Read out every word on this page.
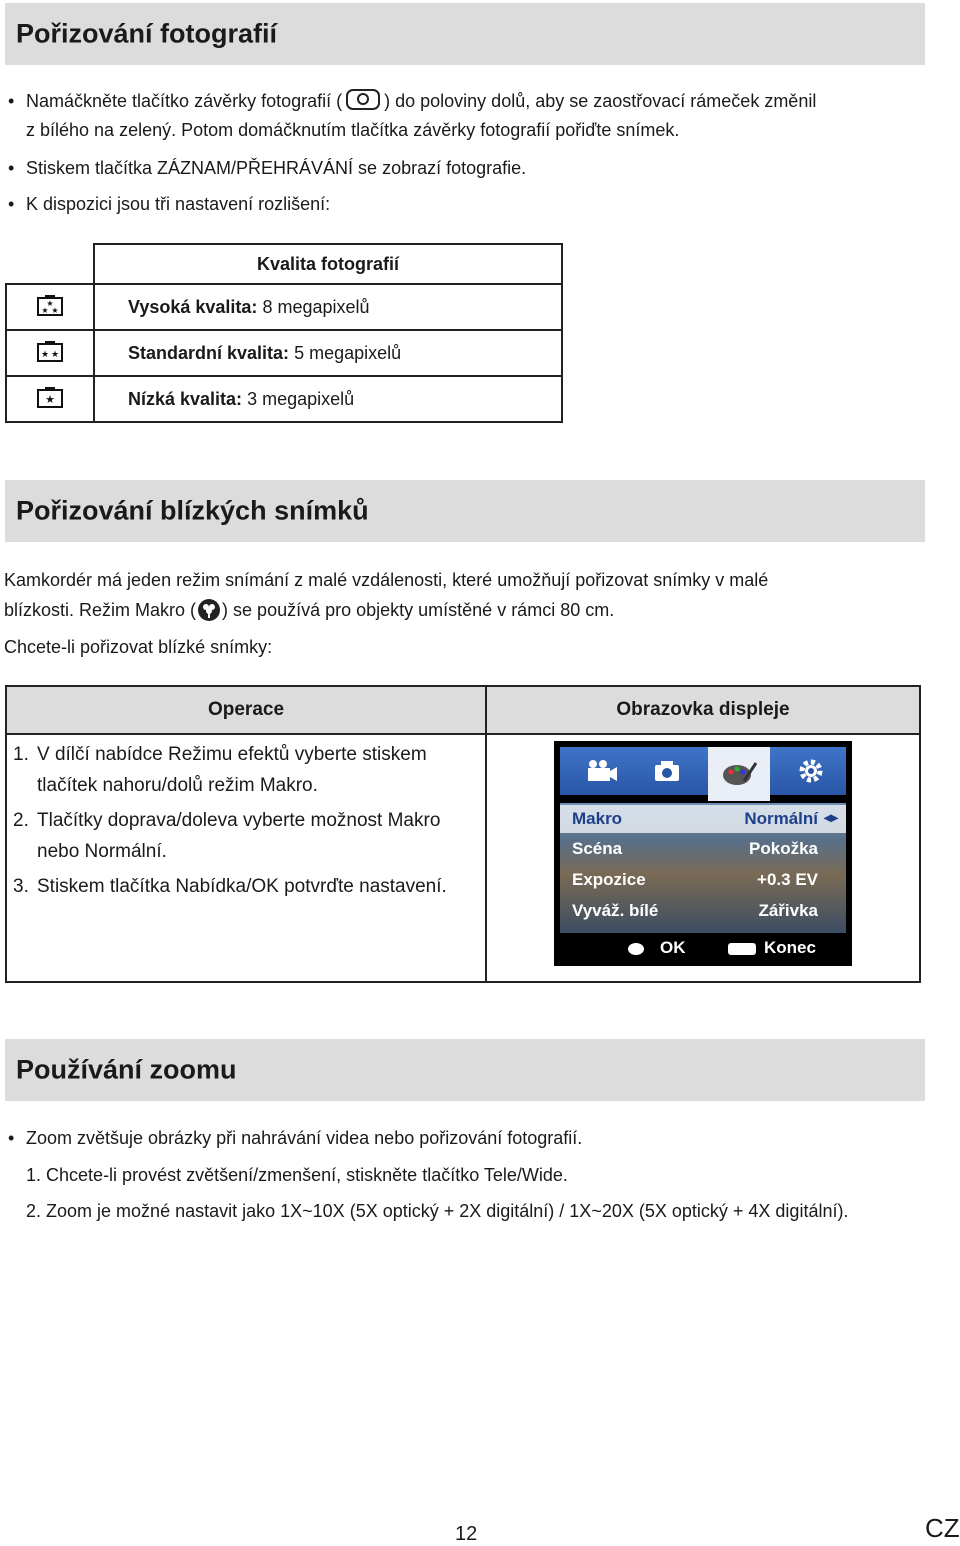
Pořizování fotografií
• Namáčkněte tlačítko závěrky fotografií ( ) do poloviny dolů, aby se zaostřovací rámeček změnil
z bílého na zelený. Potom domáčknutím tlačítka závěrky fotografií pořiďte snímek.
• Stiskem tlačítka ZÁZNAM/PŘEHRÁVÁNÍ se zobrazí fotografie.
• K dispozici jsou tři nastavení rozlišení:
	Kvalita fotografií

★
★ ★	Vysoká kvalita: 8 megapixelů

★ ★	Standardní kvalita: 5 megapixelů

★	Nízká kvalita: 3 megapixelů
Pořizování blízkých snímků
Kamkordér má jeden režim snímání z malé vzdálenosti, které umožňují pořizovat snímky v malé
blízkosti. Režim Makro ( ) se používá pro objekty umístěné v rámci 80 cm.
Chcete-li pořizovat blízké snímky:
Operace	Obrazovka displeje

1. V dílčí nabídce Režimu efektů vyberte stiskem
tlačítek nahoru/dolů režim Makro.
2. Tlačítky doprava/doleva vyberte možnost Makro
nebo Normální.
3. Stiskem tlačítka Nabídka/OK potvrďte nastavení.	

Makro	Normální ◂▸
Scéna	Pokožka
Expozice	+0.3 EV
Vyváž. bílé	Zářivka
OK	Konec
Používání zoomu
• Zoom zvětšuje obrázky při nahrávání videa nebo pořizování fotografií.
1. Chcete-li provést zvětšení/zmenšení, stiskněte tlačítko Tele/Wide.
2. Zoom je možné nastavit jako 1X~10X (5X optický + 2X digitální) / 1X~20X (5X optický + 4X digitální).
12	CZ
